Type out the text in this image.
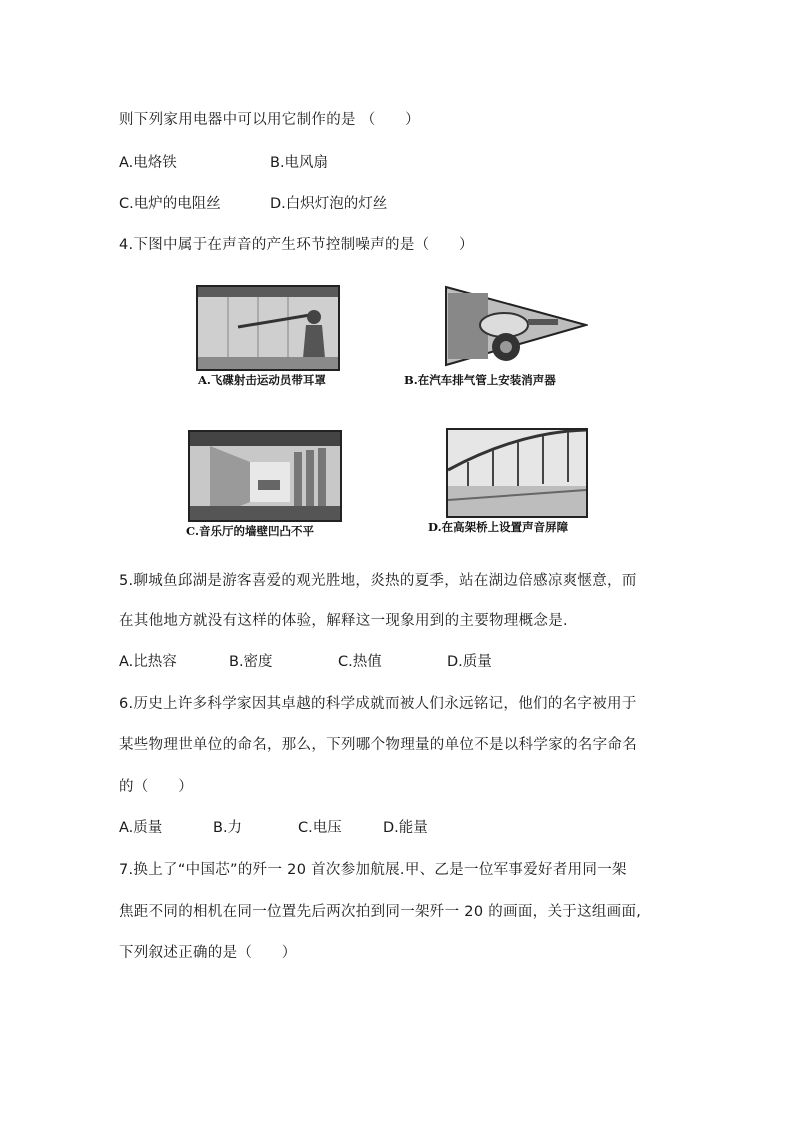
则下列家用电器中可以用它制作的是 （　　）
A.电烙铁	B.电风扇
C.电炉的电阻丝	D.白炽灯泡的灯丝
4.下图中属于在声音的产生环节控制噪声的是（　　）
A.飞碟射击运动员带耳罩	B.在汽车排气管上安装消声器
C.音乐厅的墙壁凹凸不平	D.在高架桥上设置声音屏障
5.聊城鱼邱湖是游客喜爱的观光胜地，炎热的夏季，站在湖边倍感凉爽惬意，而
在其他地方就没有这样的体验，解释这一现象用到的主要物理概念是.
A.比热容	B.密度	C.热值	D.质量
6.历史上许多科学家因其卓越的科学成就而被人们永远铭记，他们的名字被用于
某些物理世单位的命名，那么，下列哪个物理量的单位不是以科学家的名字命名
的（　　）
A.质量	B.力	C.电压	D.能量
7.换上了“中国芯”的歼一 20 首次参加航展.甲、乙是一位军事爱好者用同一架
焦距不同的相机在同一位置先后两次拍到同一架歼一 20 的画面，关于这组画面,
下列叙述正确的是（　　）
